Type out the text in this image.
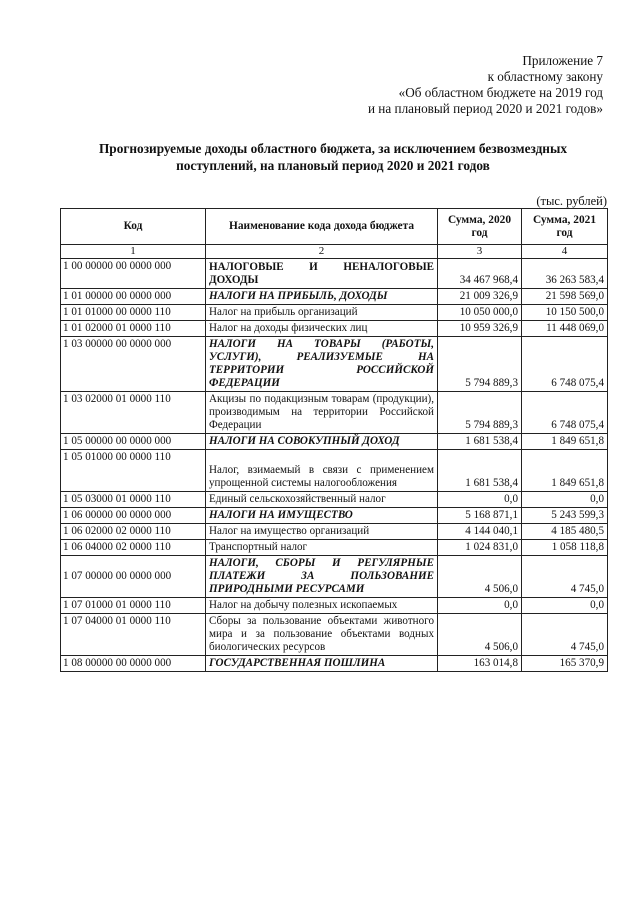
Приложение 7
к областному закону
«Об областном бюджете на 2019 год
и на плановый период 2020 и 2021 годов»
Прогнозируемые доходы областного бюджета, за исключением безвозмездных
поступлений, на плановый период 2020 и 2021 годов
(тыс. рублей)
Код	Наименование кода дохода бюджета	Сумма, 2020 год	Сумма, 2021 год
1	2	3	4
1 00 00000 00 0000 000	НАЛОГОВЫЕ И НЕНАЛОГОВЫЕ ДОХОДЫ	34 467 968,4	36 263 583,4
1 01 00000 00 0000 000	НАЛОГИ НА ПРИБЫЛЬ, ДОХОДЫ	21 009 326,9	21 598 569,0
1 01 01000 00 0000 110	Налог на прибыль организаций	10 050 000,0	10 150 500,0
1 01 02000 01 0000 110	Налог на доходы физических лиц	10 959 326,9	11 448 069,0
1 03 00000 00 0000 000	НАЛОГИ НА ТОВАРЫ (РАБОТЫ, УСЛУГИ), РЕАЛИЗУЕМЫЕ НА ТЕРРИТОРИИ РОССИЙСКОЙ ФЕДЕРАЦИИ	5 794 889,3	6 748 075,4
1 03 02000 01 0000 110	Акцизы по подакцизным товарам (продукции), производимым на территории Российской Федерации	5 794 889,3	6 748 075,4
1 05 00000 00 0000 000	НАЛОГИ НА СОВОКУПНЫЙ ДОХОД	1 681 538,4	1 849 651,8
1 05 01000 00 0000 110	Налог, взимаемый в связи с применением упрощенной системы налогообложения	1 681 538,4	1 849 651,8
1 05 03000 01 0000 110	Единый сельскохозяйственный налог	0,0	0,0
1 06 00000 00 0000 000	НАЛОГИ НА ИМУЩЕСТВО	5 168 871,1	5 243 599,3
1 06 02000 02 0000 110	Налог на имущество организаций	4 144 040,1	4 185 480,5
1 06 04000 02 0000 110	Транспортный налог	1 024 831,0	1 058 118,8
1 07 00000 00 0000 000	НАЛОГИ, СБОРЫ И РЕГУЛЯРНЫЕ ПЛАТЕЖИ ЗА ПОЛЬЗОВАНИЕ ПРИРОДНЫМИ РЕСУРСАМИ	4 506,0	4 745,0
1 07 01000 01 0000 110	Налог на добычу полезных ископаемых	0,0	0,0
1 07 04000 01 0000 110	Сборы за пользование объектами животного мира и за пользование объектами водных биологических ресурсов	4 506,0	4 745,0
1 08 00000 00 0000 000	ГОСУДАРСТВЕННАЯ ПОШЛИНА	163 014,8	165 370,9
